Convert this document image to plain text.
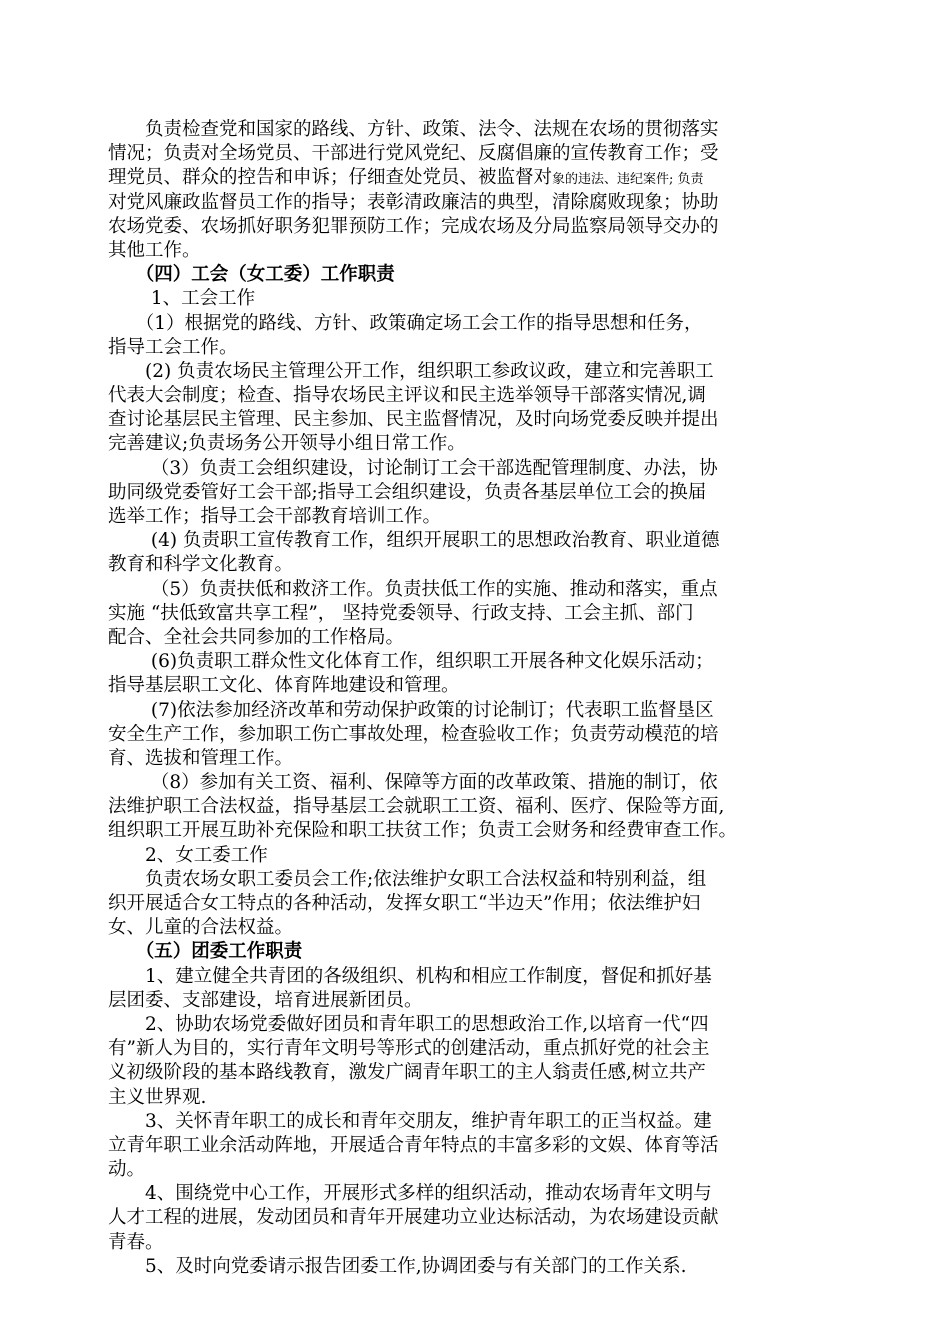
　　负责检查党和国家的路线、方针、政策、法令、法规在农场的贯彻落实
情况；负责对全场党员、干部进行党风党纪、反腐倡廉的宣传教育工作；受
理党员、群众的控告和申诉；仔细查处党员、被监督对象的违法、违纪案件; 负责
对党风廉政监督员工作的指导；表彰清政廉洁的典型，清除腐败现象；协助
农场党委、农场抓好职务犯罪预防工作；完成农场及分局监察局领导交办的
其他工作。
　　（四）工会（女工委）工作职责
　　 1、工会工作
　　（1）根据党的路线、方针、政策确定场工会工作的指导思想和任务，
指导工会工作。
　　(2) 负责农场民主管理公开工作，组织职工参政议政，建立和完善职工
代表大会制度；检查、指导农场民主评议和民主选举领导干部落实情况,调
查讨论基层民主管理、民主参加、民主监督情况，及时向场党委反映并提出
完善建议;负责场务公开领导小组日常工作。
　　 （3）负责工会组织建设，讨论制订工会干部选配管理制度、办法，协
助同级党委管好工会干部;指导工会组织建设，负责各基层单位工会的换届
选举工作；指导工会干部教育培训工作。
　　 (4) 负责职工宣传教育工作，组织开展职工的思想政治教育、职业道德
教育和科学文化教育。
　　 （5）负责扶低和救济工作。负责扶低工作的实施、推动和落实，重点
实施 “扶低致富共享工程”， 坚持党委领导、行政支持、工会主抓、部门
配合、全社会共同参加的工作格局。
　　 (6)负责职工群众性文化体育工作，组织职工开展各种文化娱乐活动；
指导基层职工文化、体育阵地建设和管理。
　　 (7)依法参加经济改革和劳动保护政策的讨论制订；代表职工监督垦区
安全生产工作，参加职工伤亡事故处理，检查验收工作；负责劳动模范的培
育、选拔和管理工作。
　　 （8）参加有关工资、福利、保障等方面的改革政策、措施的制订，依
法维护职工合法权益，指导基层工会就职工工资、福利、医疗、保险等方面,
组织职工开展互助补充保险和职工扶贫工作；负责工会财务和经费审查工作。
　　2、女工委工作
　　负责农场女职工委员会工作;依法维护女职工合法权益和特别利益，组
织开展适合女工特点的各种活动，发挥女职工“半边天”作用；依法维护妇
女、儿童的合法权益。
　　（五）团委工作职责
　　1、建立健全共青团的各级组织、机构和相应工作制度，督促和抓好基
层团委、支部建设，培育进展新团员。
　　2、协助农场党委做好团员和青年职工的思想政治工作,以培育一代“四
有”新人为目的，实行青年文明号等形式的创建活动，重点抓好党的社会主
义初级阶段的基本路线教育，激发广阔青年职工的主人翁责任感,树立共产
主义世界观.
　　3、关怀青年职工的成长和青年交朋友，维护青年职工的正当权益。建
立青年职工业余活动阵地，开展适合青年特点的丰富多彩的文娱、体育等活
动。
　　4、围绕党中心工作，开展形式多样的组织活动，推动农场青年文明与
人才工程的进展，发动团员和青年开展建功立业达标活动，为农场建设贡献
青春。
　　5、及时向党委请示报告团委工作,协调团委与有关部门的工作关系.
